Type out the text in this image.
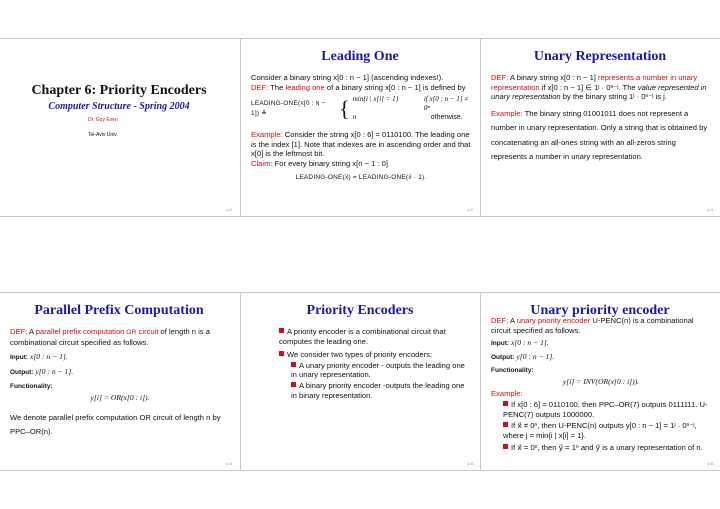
Chapter 6: Priority Encoders
Computer Structure - Spring 2004
Dr. Guy Even
Tel-Aviv Univ.
p.1
Leading One
Consider a binary string x[0 : n − 1] (ascending indexes!).
DEF: The leading one of a binary string x[0 : n − 1] is defined by
LEADING-ONE(x[0 : n − 1]) ≜	{ min{i | x[i] = 1}	if x[0 : n − 1] ≠ 0ⁿ
n	otherwise.
Example: Consider the string x[0 : 6] = 0110100. The leading one is the index [1]. Note that indexes are in ascending order and that x[0] is the leftmost bit.
Claim: For every binary string x[n − 1 : 0]
LEADING-ONE(x⃗) = LEADING-ONE(x⃗ · 1).
p.2
Unary Representation
DEF: A binary string x[0 : n − 1] represents a number in unary representation if x[0 : n − 1] ∈ 1ʲ · 0ⁿ⁻ʲ. The value represented in unary representation by the binary string 1ʲ · 0ⁿ⁻ʲ is j.
Example: The binary string 01001011 does not represent a number in unary representation. Only a string that is obtained by concatenating an all-ones string with an all-zeros string represents a number in unary representation.
p.3
Parallel Prefix Computation
DEF: A parallel prefix computation OR circuit of length n is a combinational circuit specified as follows.
Input: x[0 : n − 1].
Output: y[0 : n − 1].
Functionality:
y[i] = OR(x[0 : i]).
We denote parallel prefix computation OR circuit of length n by PPC–OR(n).
p.4
Priority Encoders
A priority encoder is a combinational circuit that computes the leading one.
We consider two types of priority encoders:
A unary priority encoder - outputs the leading one in unary representation.
A binary priority encoder -outputs the leading one in binary representation.
p.5
Unary priority encoder
DEF: A unary priority encoder U-PENC(n) is a combinational circuit specified as follows.
Input: x[0 : n − 1].
Output: y[0 : n − 1].
Functionality:
y[i] = INV(OR(x[0 : i])).
Example:
If x[0 : 6] = 0110100, then PPC–OR(7) outputs 0111111. U-PENC(7) outputs 1000000.
If x⃗ ≠ 0ⁿ, then U-PENC(n) outputs y[0 : n − 1] = 1ʲ · 0ⁿ⁻ʲ, where j = min{i | x[i] = 1}.
If x⃗ = 0ⁿ, then y⃗ = 1ⁿ and y⃗ is a unary representation of n.
p.6
